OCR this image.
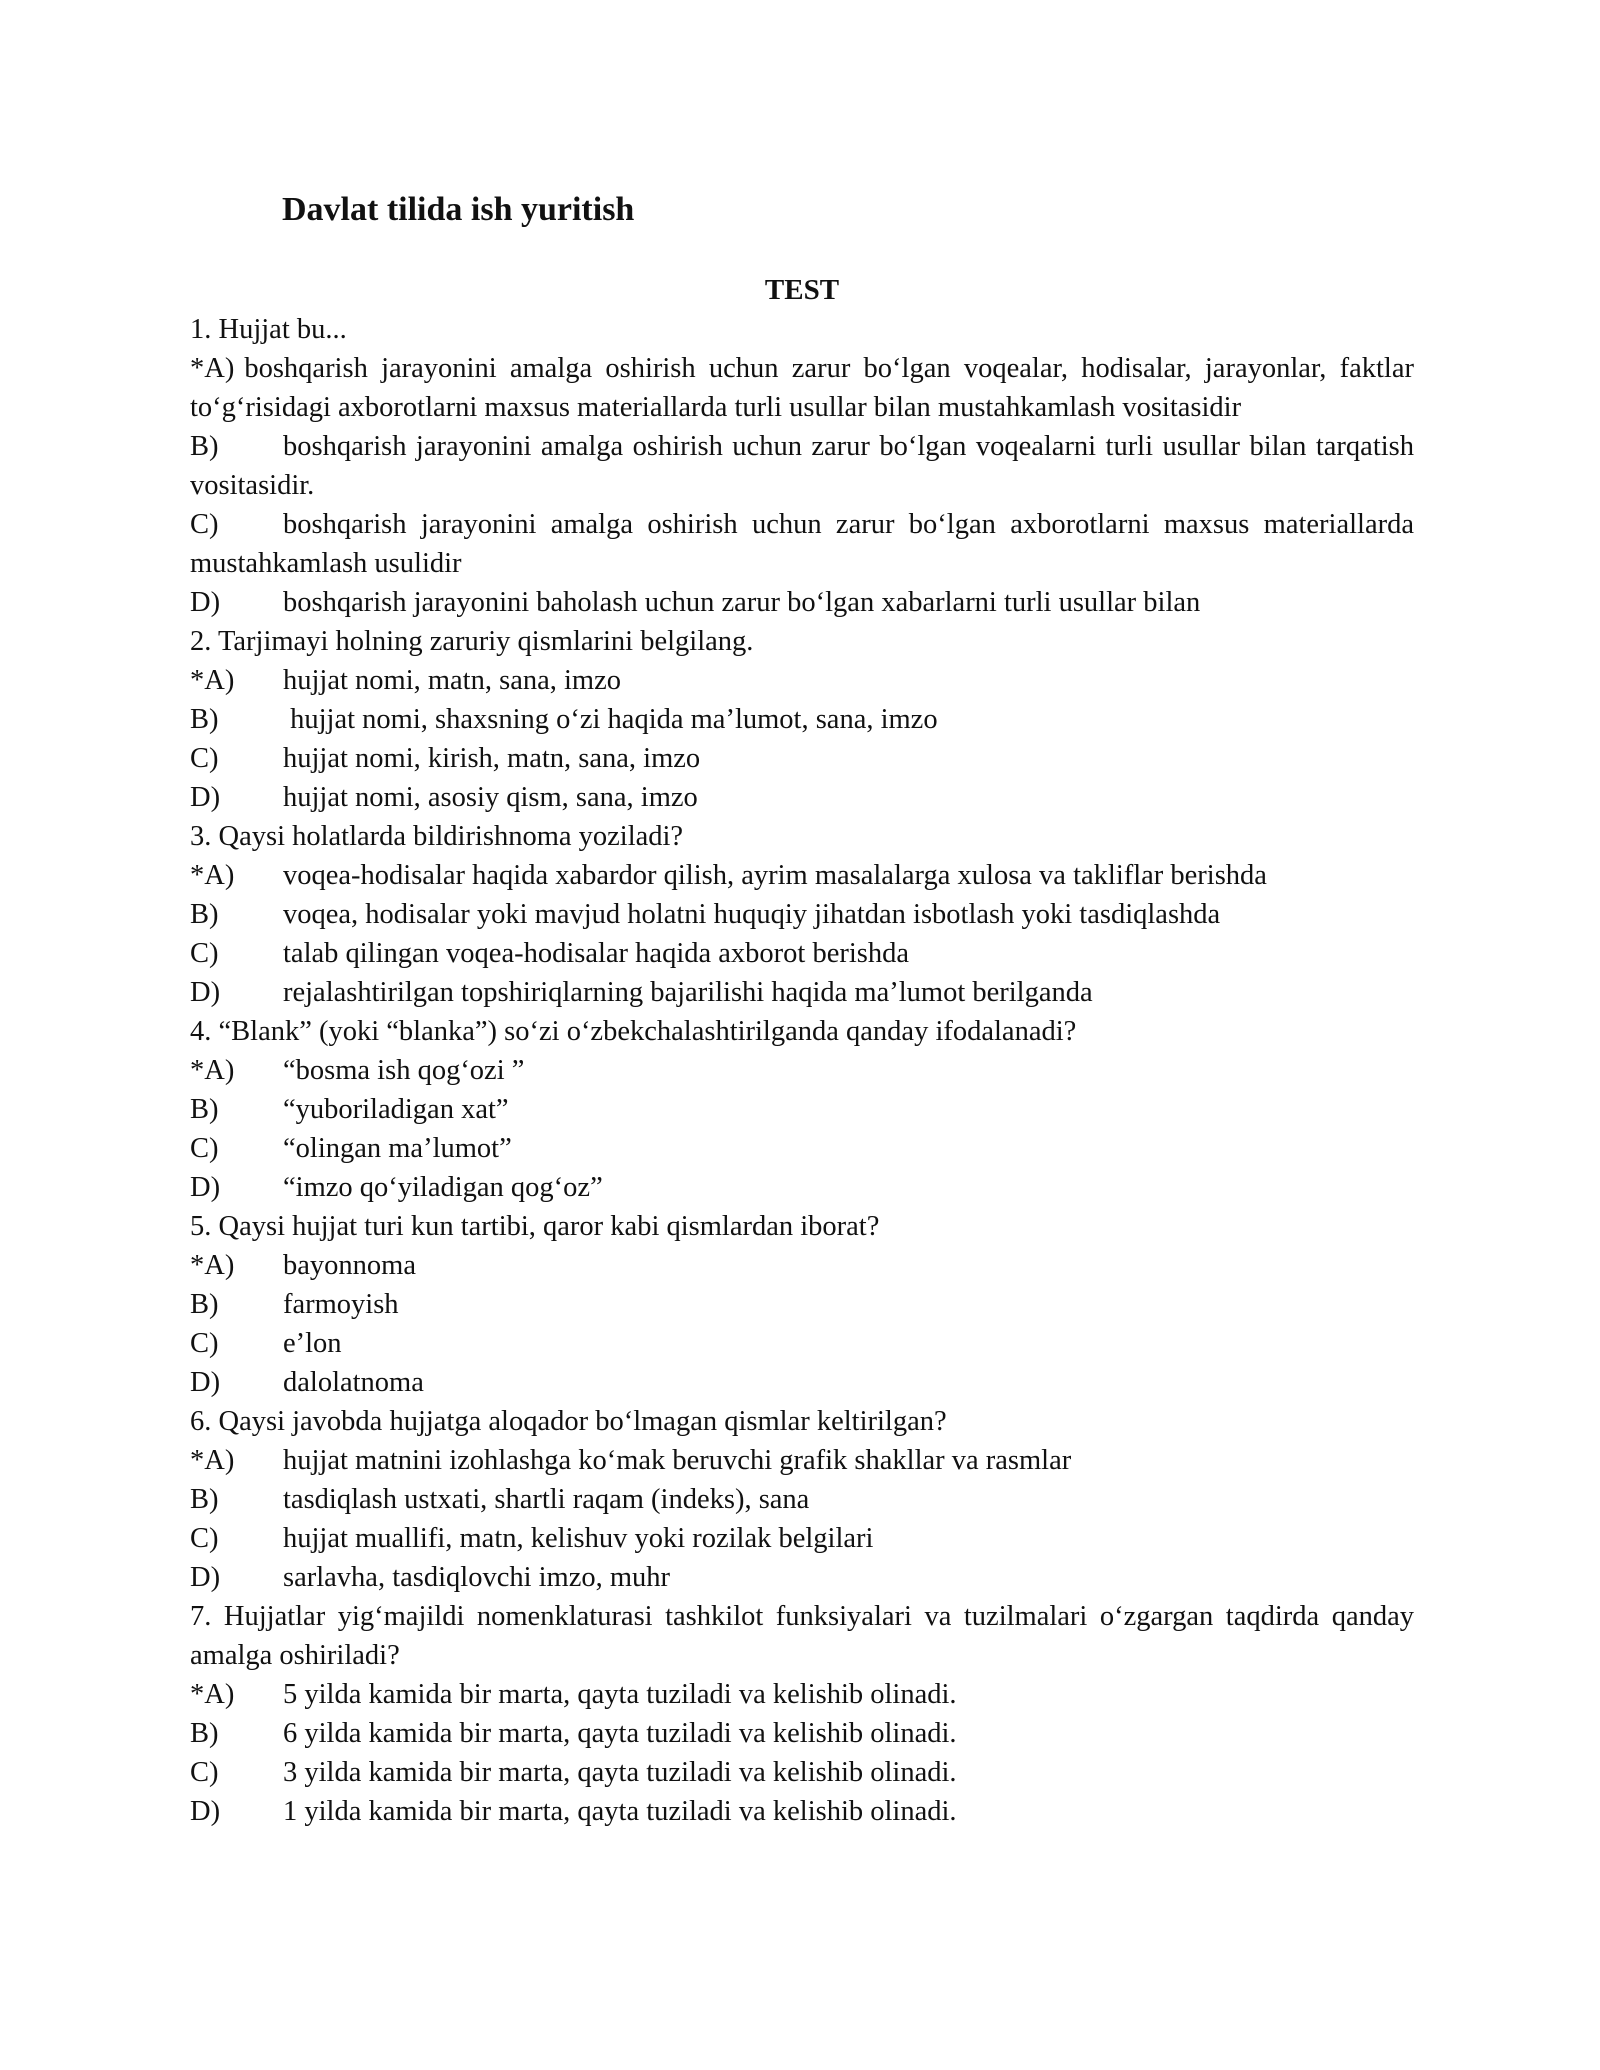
Davlat tilida ish yuritish
TEST

1. Hujjat bu...

*A) boshqarish jarayonini amalga oshirish uchun zarur bo‘lgan voqealar, hodisalar, jarayonlar, faktlar to‘g‘risidagi axborotlarni maxsus materiallarda turli usullar bilan mustahkamlash vositasidir

B) boshqarish jarayonini amalga oshirish uchun zarur bo‘lgan voqealarni turli usullar bilan tarqatish vositasidir.

C) boshqarish jarayonini amalga oshirish uchun zarur bo‘lgan axborotlarni maxsus materiallarda mustahkamlash usulidir

D) boshqarish jarayonini baholash uchun zarur bo‘lgan xabarlarni turli usullar bilan

2. Tarjimayi holning zaruriy qismlarini belgilang.

*A) hujjat nomi, matn, sana, imzo

B) hujjat nomi, shaxsning o‘zi haqida ma’lumot, sana, imzo

C) hujjat nomi, kirish, matn, sana, imzo

D) hujjat nomi, asosiy qism, sana, imzo

3. Qaysi holatlarda bildirishnoma yoziladi?

*A) voqea-hodisalar haqida xabardor qilish, ayrim masalalarga xulosa va takliflar berishda

B) voqea, hodisalar yoki mavjud holatni huquqiy jihatdan isbotlash yoki tasdiqlashda

C) talab qilingan voqea-hodisalar haqida axborot berishda

D) rejalashtirilgan topshiriqlarning bajarilishi haqida ma’lumot berilganda

4. “Blank” (yoki “blanka”) so‘zi o‘zbekchalashtirilganda qanday ifodalanadi?

*A) “bosma ish qog‘ozi ”

B) “yuboriladigan xat”

C) “olingan ma’lumot”

D) “imzo qo‘yiladigan qog‘oz”

5. Qaysi hujjat turi kun tartibi, qaror kabi qismlardan iborat?

*A) bayonnoma

B) farmoyish

C) e’lon

D) dalolatnoma

6. Qaysi javobda hujjatga aloqador bo‘lmagan qismlar keltirilgan?

*A) hujjat matnini izohlashga ko‘mak beruvchi grafik shakllar va rasmlar

B) tasdiqlash ustxati, shartli raqam (indeks), sana

C) hujjat muallifi, matn, kelishuv yoki rozilak belgilari

D) sarlavha, tasdiqlovchi imzo, muhr

7. Hujjatlar yig‘majildi nomenklaturasi tashkilot funksiyalari va tuzilmalari o‘zgargan taqdirda qanday amalga oshiriladi?

*A) 5 yilda kamida bir marta, qayta tuziladi va kelishib olinadi.

B) 6 yilda kamida bir marta, qayta tuziladi va kelishib olinadi.

C) 3 yilda kamida bir marta, qayta tuziladi va kelishib olinadi.

D) 1 yilda kamida bir marta, qayta tuziladi va kelishib olinadi.
